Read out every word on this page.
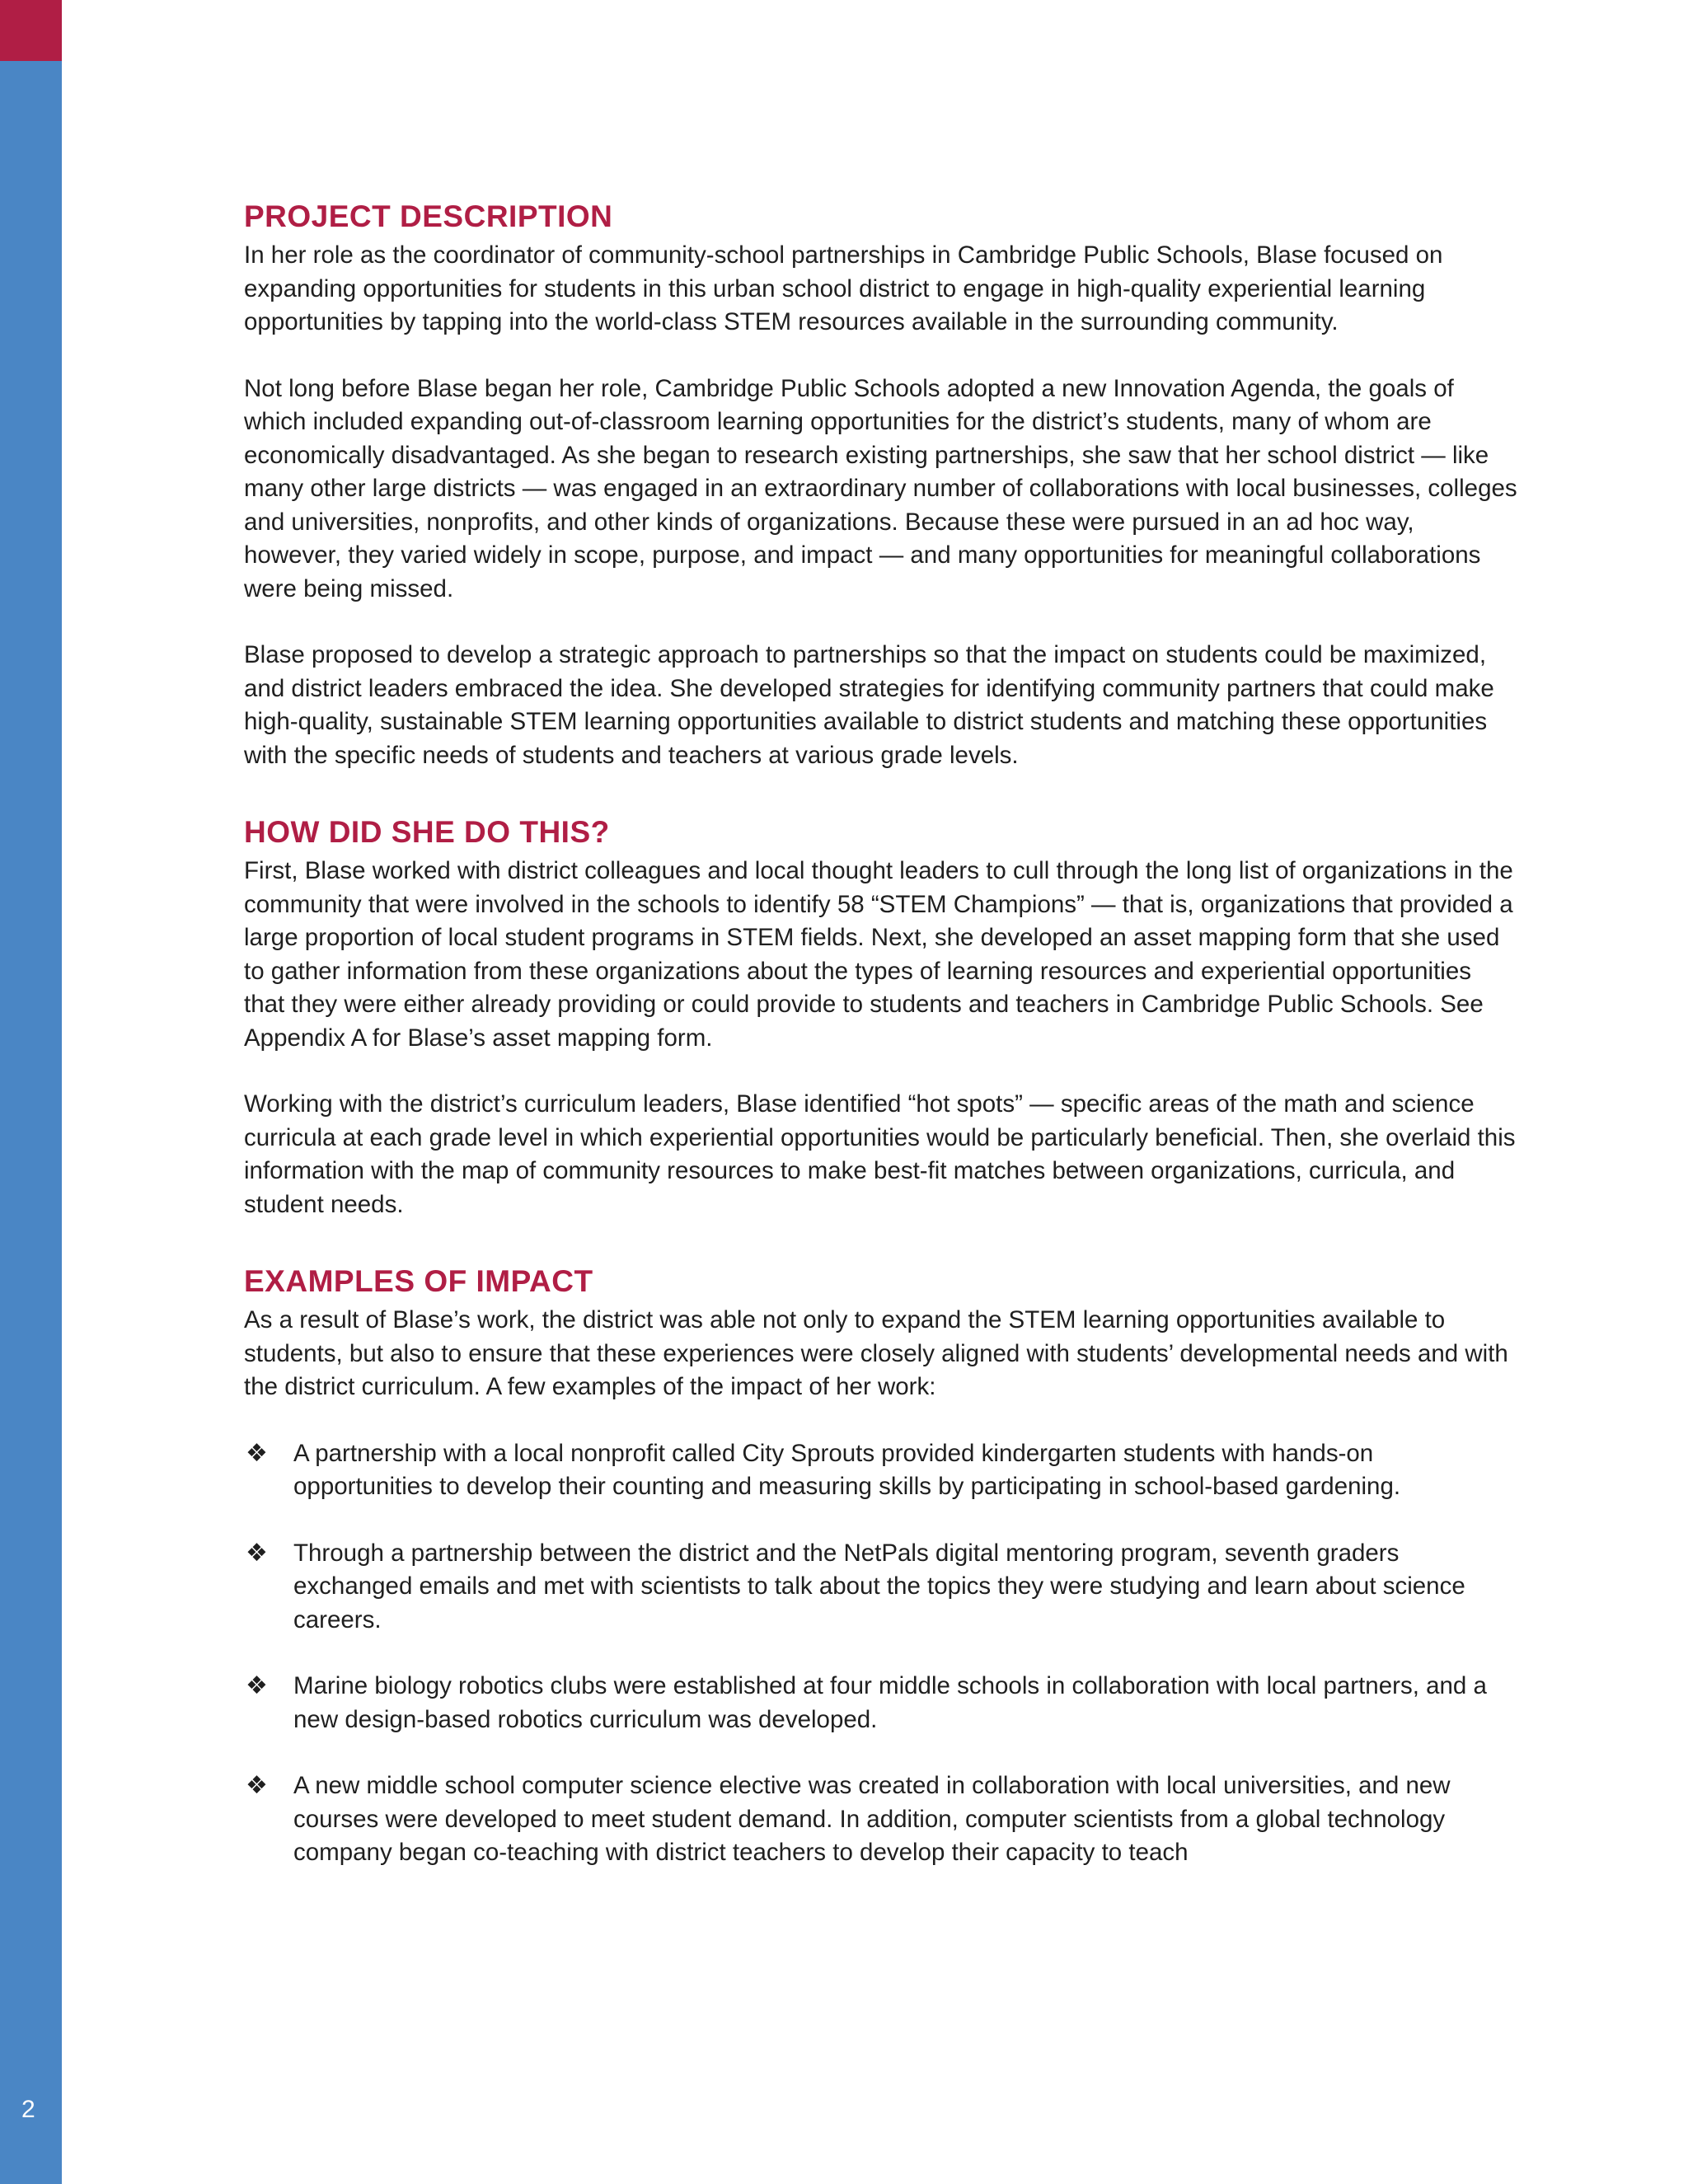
2
PROJECT DESCRIPTION

In her role as the coordinator of community-school partnerships in Cambridge Public Schools, Blase focused on expanding opportunities for students in this urban school district to engage in high-quality experiential learning opportunities by tapping into the world-class STEM resources available in the surrounding community.

Not long before Blase began her role, Cambridge Public Schools adopted a new Innovation Agenda, the goals of which included expanding out-of-classroom learning opportunities for the district’s students, many of whom are economically disadvantaged. As she began to research existing partnerships, she saw that her school district — like many other large districts — was engaged in an extraordinary number of collaborations with local businesses, colleges and universities, nonprofits, and other kinds of organizations. Because these were pursued in an ad hoc way, however, they varied widely in scope, purpose, and impact — and many opportunities for meaningful collaborations were being missed.

Blase proposed to develop a strategic approach to partnerships so that the impact on students could be maximized, and district leaders embraced the idea. She developed strategies for identifying community partners that could make high-quality, sustainable STEM learning opportunities available to district students and matching these opportunities with the specific needs of students and teachers at various grade levels.

HOW DID SHE DO THIS?

First, Blase worked with district colleagues and local thought leaders to cull through the long list of organizations in the community that were involved in the schools to identify 58 “STEM Champions” — that is, organizations that provided a large proportion of local student programs in STEM fields. Next, she developed an asset mapping form that she used to gather information from these organizations about the types of learning resources and experiential opportunities that they were either already providing or could provide to students and teachers in Cambridge Public Schools. See Appendix A for Blase’s asset mapping form.

Working with the district’s curriculum leaders, Blase identified “hot spots” — specific areas of the math and science curricula at each grade level in which experiential opportunities would be particularly beneficial. Then, she overlaid this information with the map of community resources to make best-fit matches between organizations, curricula, and student needs.

EXAMPLES OF IMPACT

As a result of Blase’s work, the district was able not only to expand the STEM learning opportunities available to students, but also to ensure that these experiences were closely aligned with students’ developmental needs and with the district curriculum. A few examples of the impact of her work:

❖ A partnership with a local nonprofit called City Sprouts provided kindergarten students with hands-on opportunities to develop their counting and measuring skills by participating in school-based gardening.
❖ Through a partnership between the district and the NetPals digital mentoring program, seventh graders exchanged emails and met with scientists to talk about the topics they were studying and learn about science careers.
❖ Marine biology robotics clubs were established at four middle schools in collaboration with local partners, and a new design-based robotics curriculum was developed.
❖ A new middle school computer science elective was created in collaboration with local universities, and new courses were developed to meet student demand. In addition, computer scientists from a global technology company began co-teaching with district teachers to develop their capacity to teach
